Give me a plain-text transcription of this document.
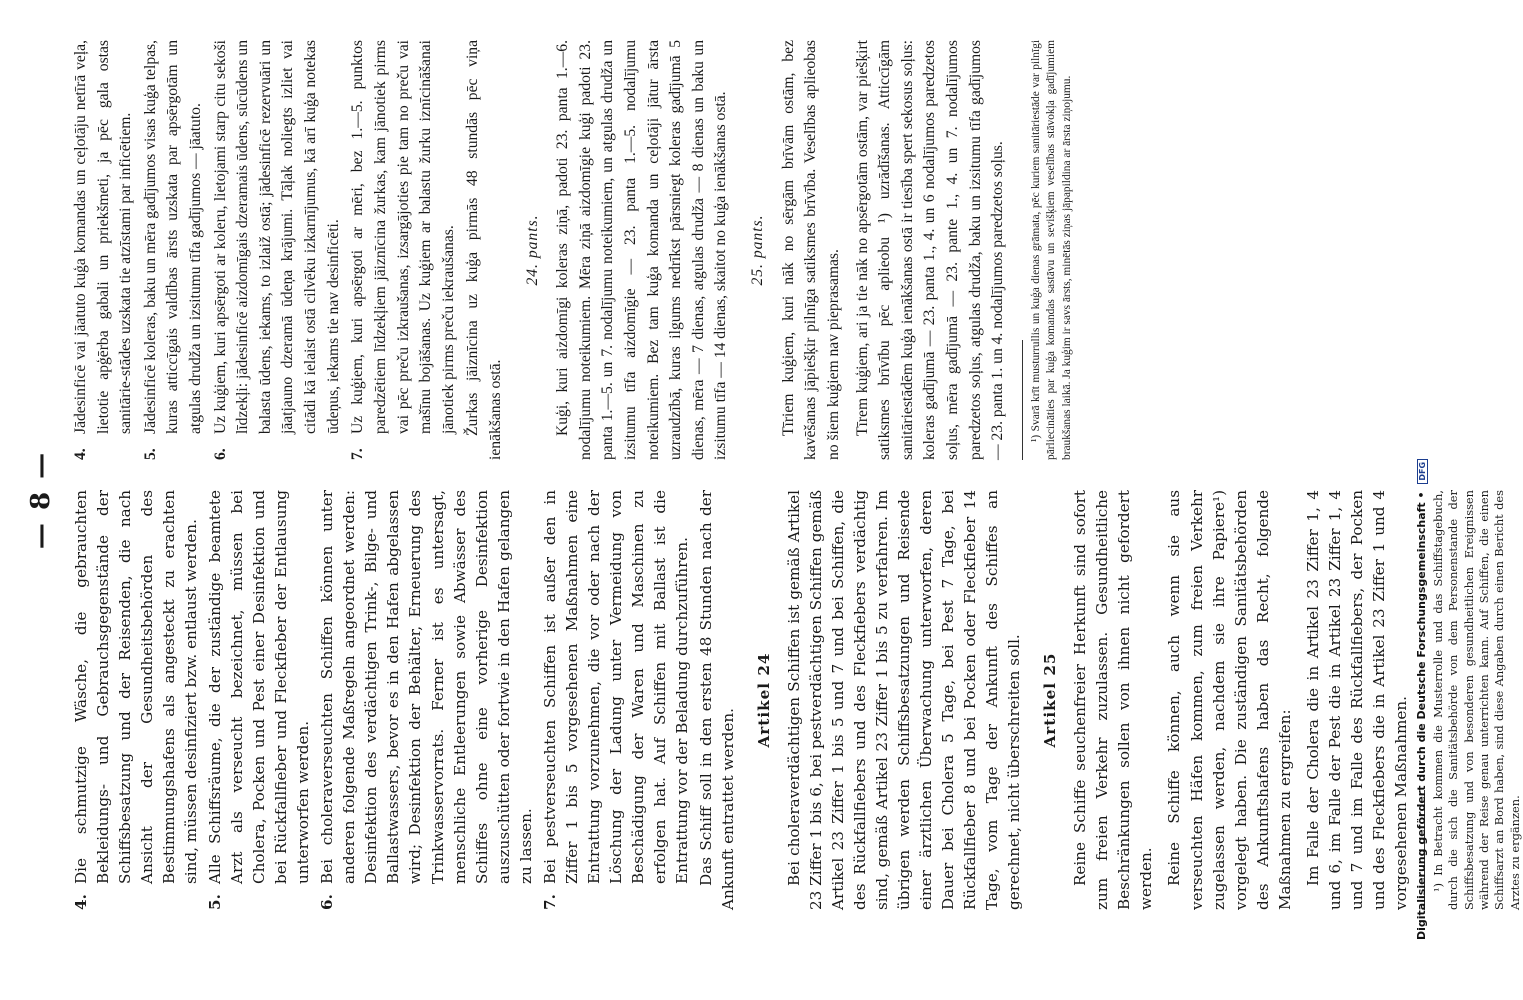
— 8 —
4.
Die schmutzige Wäsche, die gebrauchten Bekleidungs- und Gebrauchsgegenstände der Schiffsbesatzung und der Reisenden, die nach Ansicht der Gesundheitsbehörden des Bestimmungshafens als angesteckt zu erachten sind, müssen desinfiziert bzw. entlaust werden.
5.
Alle Schiffsräume, die der zuständige beamtete Arzt als verseucht bezeichnet, müssen bei Cholera, Pocken und Pest einer Desinfektion und bei Rückfallfieber und Fleckfieber der Entlausung unterworfen werden.
6.
Bei choleraverseuchten Schiffen können unter anderen folgende Maßregeln angeordnet werden: Desinfektion des verdächtigen Trink-, Bilge- und Ballastwassers, bevor es in den Hafen abgelassen wird; Desinfektion der Behälter, Erneuerung des Trinkwasservorrats. Ferner ist es untersagt, menschliche Entleerungen sowie Abwässer des Schiffes ohne eine vorherige Desinfektion auszuschütten oder fortwie in den Hafen gelangen zu lassen.
7.
Bei pestverseuchten Schiffen ist außer den in Ziffer 1 bis 5 vorgesehenen Maßnahmen eine Entrattung vorzunehmen, die vor oder nach der Löschung der Ladung unter Vermeidung von Beschädigung der Waren und Maschinen zu erfolgen hat. Auf Schiffen mit Ballast ist die Entrattung vor der Beladung durchzuführen. Das Schiff soll in den ersten 48 Stunden nach der Ankunft entrattet werden.

Artikel 24 Bei choleraverdächtigen Schiffen ist gemäß Artikel 23 Ziffer 1 bis 6, bei pestverdächtigen Schiffen gemäß Artikel 23 Ziffer 1 bis 5 und 7 und bei Schiffen, die des Rückfallfiebers und des Fleckfiebers verdächtig sind, gemäß Artikel 23 Ziffer 1 bis 5 zu verfahren. Im übrigen werden Schiffsbesatzungen und Reisende einer ärztlichen Überwachung unterworfen, deren Dauer bei Cholera 5 Tage, bei Pest 7 Tage, bei Rückfallfieber 8 und bei Pocken oder Fleckfieber 14 Tage, vom Tage der Ankunft des Schiffes an gerechnet, nicht überschreiten soll. Artikel 25 Reine Schiffe seuchenfreier Herkunft sind sofort zum freien Verkehr zuzulassen. Gesundheitliche Beschränkungen sollen von ihnen nicht gefordert werden. Reine Schiffe können, auch wenn sie aus verseuchten Häfen kommen, zum freien Verkehr zugelassen werden, nachdem sie ihre Papiere¹) vorgelegt haben. Die zuständigen Sanitätsbehörden des Ankunftshafens haben das Recht, folgende Maßnahmen zu ergreifen: Im Falle der Cholera die in Artikel 23 Ziffer 1, 4 und 6, im Falle der Pest die in Artikel 23 Ziffer 1, 4 und 7 und im Falle des Rückfallfiebers, der Pocken und des Fleckfiebers die in Artikel 23 Ziffer 1 und 4 vorgesehenen Maßnahmen. ¹) In Betracht kommen die Musterrolle und das Schiffstagebuch, durch die sich die Sanitätsbehörde von dem Personenstande der Schiffsbesatzung und von besonderen gesundheitlichen Ereignissen während der Reise genau unterrichten kann. Auf Schiffen, die einen Schiffsarzt an Bord haben, sind diese Angaben durch einen Bericht des Arztes zu ergänzen.

4.
Jādesinficē vai jāatutо kuģa komandas un ceļotāju netīrā veļa, lietotie apģērba gabali un priekšmeti, ja pēc gala ostas sanitārie-stādes uzskata tie atzīstami par inficētiem.
5.
Jādesinficē koleras, baku un mēra gadījumos visas kuģa telpas, kuras atticcīgais valdības ārsts uzskata par apsērgotām un atgulas drudža un izsitumu tīfa gadījumos — jāatutо.
6.
Uz kuģiem, kuri apsērgoti ar koleru, lietojami starp citu sekoši līdzekļi: jādesinficē aizdomīgais dzeramais ūdens, sūcūdens un balasta ūdens, iekams, to izlaiž ostā; jādesinficē rezervuāri un jāatjauno dzeramā ūdeņa krājumi. Tāļak noliegts izliet vai citādi kā ielaist ostā cilvēku izkarnījumus, kā arī kuģa notekas ūdeņus, iekams tie nav desinficēti.
7.
Uz kuģiem, kuri apsērgoti ar mēri, bez 1.—5. punktos paredzētiem līdzekļiem jāiznīcina žurkas, kam jānotiek pirms vai pēc preču izkraušanas, izsargājoties pie tam no preču vai mašīnu bojāšanas. Uz kuģiem ar balastu žurku iznīcināšanai jānotiek pirms preču iekraušanas. Žurkas jāiznīcina uz kuģa pirmās 48 stundās pēc viņa ienākšanas ostā.

24. pants. Kuģi, kuri aizdomīgi koleras ziņā, padoti 23. panta 1.—6. nodalījumu noteikumiem. Mēra ziņā aizdomīgie kuģi padoti 23. panta 1.—5. un 7. nodalījumu noteikumiem, un atgulas drudža un izsitumu tīfa aizdomīgie — 23. panta 1.—5. nodalījumu noteikumiem. Bez tam kuģa komanda un ceļotāji jātur ārsta uzraudzībā, kuras ilgums nedrīkst pārsniegt koleras gadījumā 5 dienas, mēra — 7 dienas, atgulas drudža — 8 dienas un baku un izsitumu tīfa — 14 dienas, skaitot no kuģa ienākšanas ostā. 25. pants. Tīriem kuģiem, kuri nāk no sērgām brīvām ostām, bez kavēšanas jāpiešķir pilnīga satiksmes brīvība. Veselības aplieobas no šiem kuģiem nav pieprasamas. Tīrem kuģiem, ari ja tie nāk no apsērgotām ostām, var piešķirt satiksmes brīvību pēc aplieobu ¹) uzrādīšanas. Atticcīgām sanitāriestādēm kuģa ienākšanas ostā ir tiesība spert sekosus soļus: koleras gadījumā — 23. panta 1., 4. un 6 nodalījumos paredzetos soļus, mēra gadījumā — 23. pante 1., 4. un 7. nodalījumos paredzetos soļus, atgulas drudža, baku un izsitumu tīfa gadījumos — 23. panta 1. un 4. nodalījumos paredzetos soļus.	¹) Svarā krīt musturrullis un kuģa dienas grāmata, pēc kuriem sanitāriestāde var pilnīgi pārliecināties par kuģa komandas sastāvu un sevišķiem veselības stāvokļa gadījumiem braukšanas laikā. Ja kuģim ir savs ārsts, minētās ziņas jāpapildina ar ārsta ziņojumu.

Digitalisierung gefördert durch die Deutsche Forschungsgemeinschaft • DFG
